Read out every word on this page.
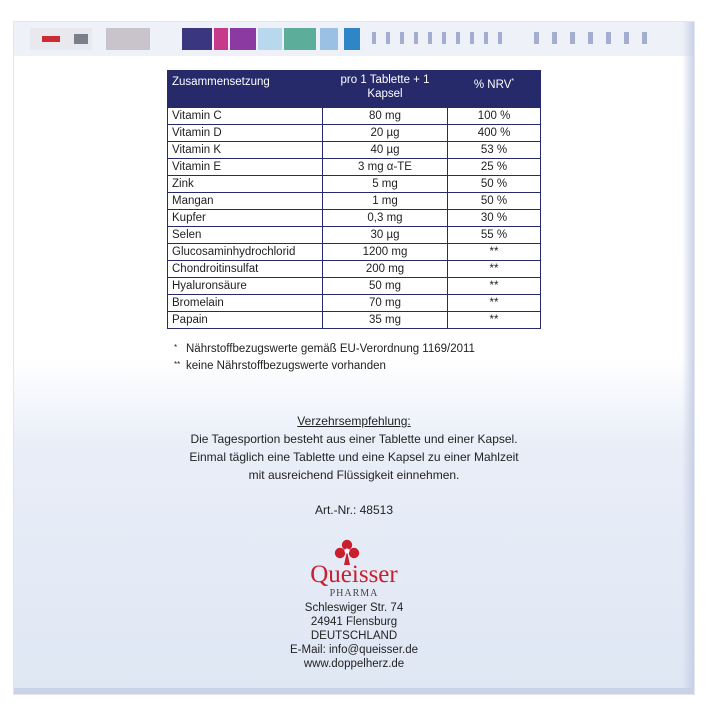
Zusammensetzung	pro 1 Tablette + 1 Kapsel	% NRV*
Vitamin C	80 mg	100 %
Vitamin D	20 µg	400 %
Vitamin K	40 µg	53 %
Vitamin E	3 mg α-TE	25 %
Zink	5 mg	50 %
Mangan	1 mg	50 %
Kupfer	0,3 mg	30 %
Selen	30 µg	55 %
Glucosaminhydrochlorid	1200 mg	**
Chondroitinsulfat	200 mg	**
Hyaluronsäure	50 mg	**
Bromelain	70 mg	**
Papain	35 mg	**
* Nährstoffbezugswerte gemäß EU-Verordnung 1169/2011
** keine Nährstoffbezugswerte vorhanden
Verzehrsempfehlung:
Die Tagesportion besteht aus einer Tablette und einer Kapsel.
Einmal täglich eine Tablette und eine Kapsel zu einer Mahlzeit
mit ausreichend Flüssigkeit einnehmen.
Art.-Nr.: 48513
Queisser
PHARMA
Schleswiger Str. 74
24941 Flensburg
DEUTSCHLAND
E-Mail: info@queisser.de
www.doppelherz.de
